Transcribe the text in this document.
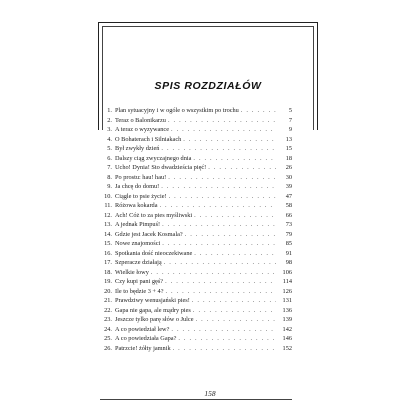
SPIS ROZDZIAŁÓW
1. Plan sytuacyjny i w ogóle o wszystkim po trochu . . .	5
2. Teraz o Balonikarzu . . .	7
3. A teraz o wyzywance . . .	9
4. O Bohaterach i Silniakach . . .	13
5. Był zwykły dzień . . .	15
6. Dalszy ciąg zwyczajnego dnia . . .	18
7. Ucho! Dynia! Sto dwadzieścia pięć! . . .	26
8. Po prostu: hau! hau! . . .	30
9. Ja chcę do domu! . . .	39
10. Ciągle to psie życie! . . .	47
11. Różowa kokarda . . .	58
12. Ach! Cóż to za pies myśliwski . . .	66
13. A jednak Pimpuś! . . .	73
14. Gdzie jest Jacek Kosmala? . . .	79
15. Nowe znajomości . . .	85
16. Spotkania dość nieoczekiwane . . .	91
17. Szperacze działają . . .	98
18. Wielkie łowy . . .	106
19. Czy kupi pani gęś? . . .	114
20. Ile to będzie 3 + 4? . . .	126
21. Prawdziwy wenusjański pies! . . .	131
22. Gapa nie gapa, ale mądry pies . . .	136
23. Jeszcze tylko parę słów o Julce . . .	139
24. A co powiedział lew? . . .	142
25. A co powiedziała Gapa? . . .	146
26. Patrzcie! żółty jamnik . . .	152
158
